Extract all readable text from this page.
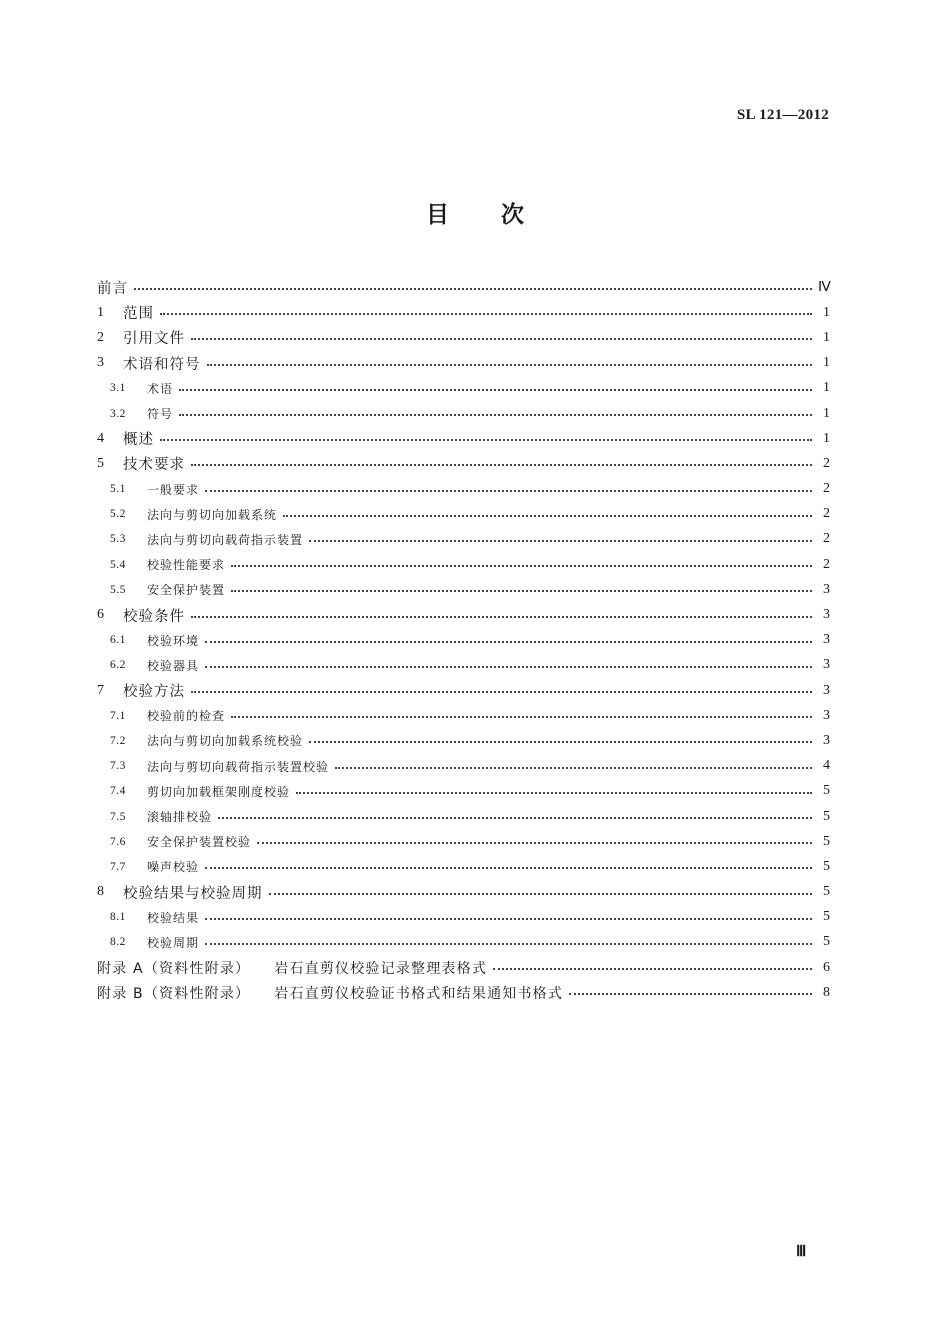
SL 121—2012
目 次
前言	Ⅳ
1	范围	1
2	引用文件	1
3	术语和符号	1
3.1	术语	1
3.2	符号	1
4	概述	1
5	技术要求	2
5.1	一般要求	2
5.2	法向与剪切向加载系统	2
5.3	法向与剪切向载荷指示装置	2
5.4	校验性能要求	2
5.5	安全保护装置	3
6	校验条件	3
6.1	校验环境	3
6.2	校验器具	3
7	校验方法	3
7.1	校验前的检查	3
7.2	法向与剪切向加载系统校验	3
7.3	法向与剪切向载荷指示装置校验	4
7.4	剪切向加载框架刚度校验	5
7.5	滚轴排校验	5
7.6	安全保护装置校验	5
7.7	噪声校验	5
8	校验结果与校验周期	5
8.1	校验结果	5
8.2	校验周期	5
附录 A（资料性附录） 岩石直剪仪校验记录整理表格式	6
附录 B（资料性附录） 岩石直剪仪校验证书格式和结果通知书格式	8
Ⅲ
